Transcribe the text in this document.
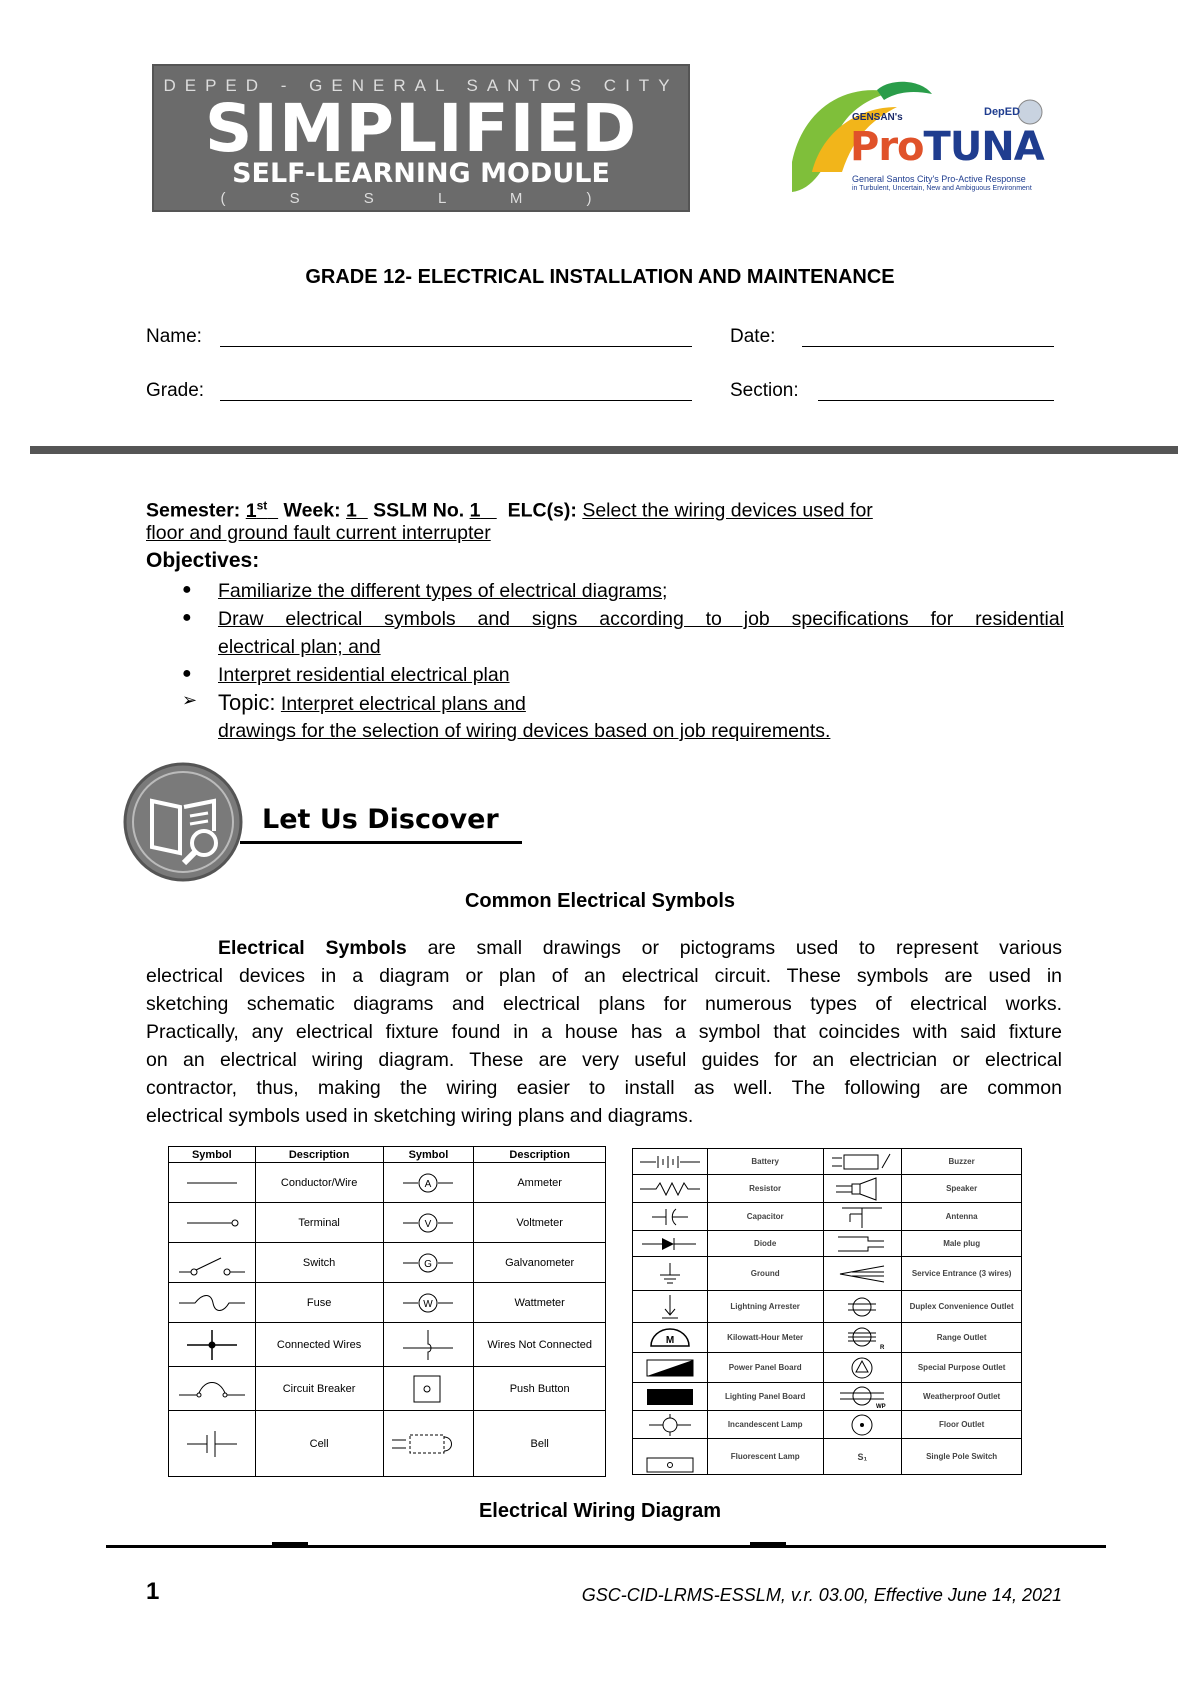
DEPED - GENERAL SANTOS CITY
SIMPLIFIED
SELF-LEARNING MODULE
( S S L M )
GENSAN's
ProTUNA
DepED
General Santos City's Pro-Active Response
in Turbulent, Uncertain, New and Ambiguous Environment
GRADE 12- ELECTRICAL INSTALLATION AND MAINTENANCE
Name:	Date:
Grade:	Section:
Semester: 1st Week: 1 SSLM No. 1 ELC(s): Select the wiring devices used for
floor and ground fault current interrupter
Objectives:
● Familiarize the different types of electrical diagrams;
● Draw electrical symbols and signs according to job specifications for residential
electrical plan; and
● Interpret residential electrical plan
➢ Topic: Interpret electrical plans and
drawings for the selection of wiring devices based on job requirements.
Let Us Discover
Common Electrical Symbols
Electrical Symbols are small drawings or pictograms used to represent various
electrical devices in a diagram or plan of an electrical circuit. These symbols are used in
sketching schematic diagrams and electrical plans for numerous types of electrical works.
Practically, any electrical fixture found in a house has a symbol that coincides with said fixture
on an electrical wiring diagram. These are very useful guides for an electrician or electrical
contractor, thus, making the wiring easier to install as well. The following are common
electrical symbols used in sketching wiring plans and diagrams.
Symbol	Description	Symbol	Description

	Conductor/Wire	A	Ammeter

	Terminal	V	Voltmeter

	Switch	G	Galvanometer

	Fuse	W	Wattmeter

	Connected Wires		Wires Not Connected

	Circuit Breaker		Push Button

	Cell		Bell
	Battery		Buzzer

	Resistor		Speaker

	Capacitor		Antenna

	Diode		Male plug

	Ground		Service Entrance (3 wires)

	Lightning Arrester		Duplex Convenience Outlet

M	Kilowatt-Hour Meter	R	Range Outlet

	Power Panel Board		Special Purpose Outlet

	Lighting Panel Board	WP	Weatherproof Outlet

	Incandescent Lamp		Floor Outlet

	Fluorescent Lamp	S₁	Single Pole Switch
Electrical Wiring Diagram
1	GSC-CID-LRMS-ESSLM, v.r. 03.00, Effective June 14, 2021
